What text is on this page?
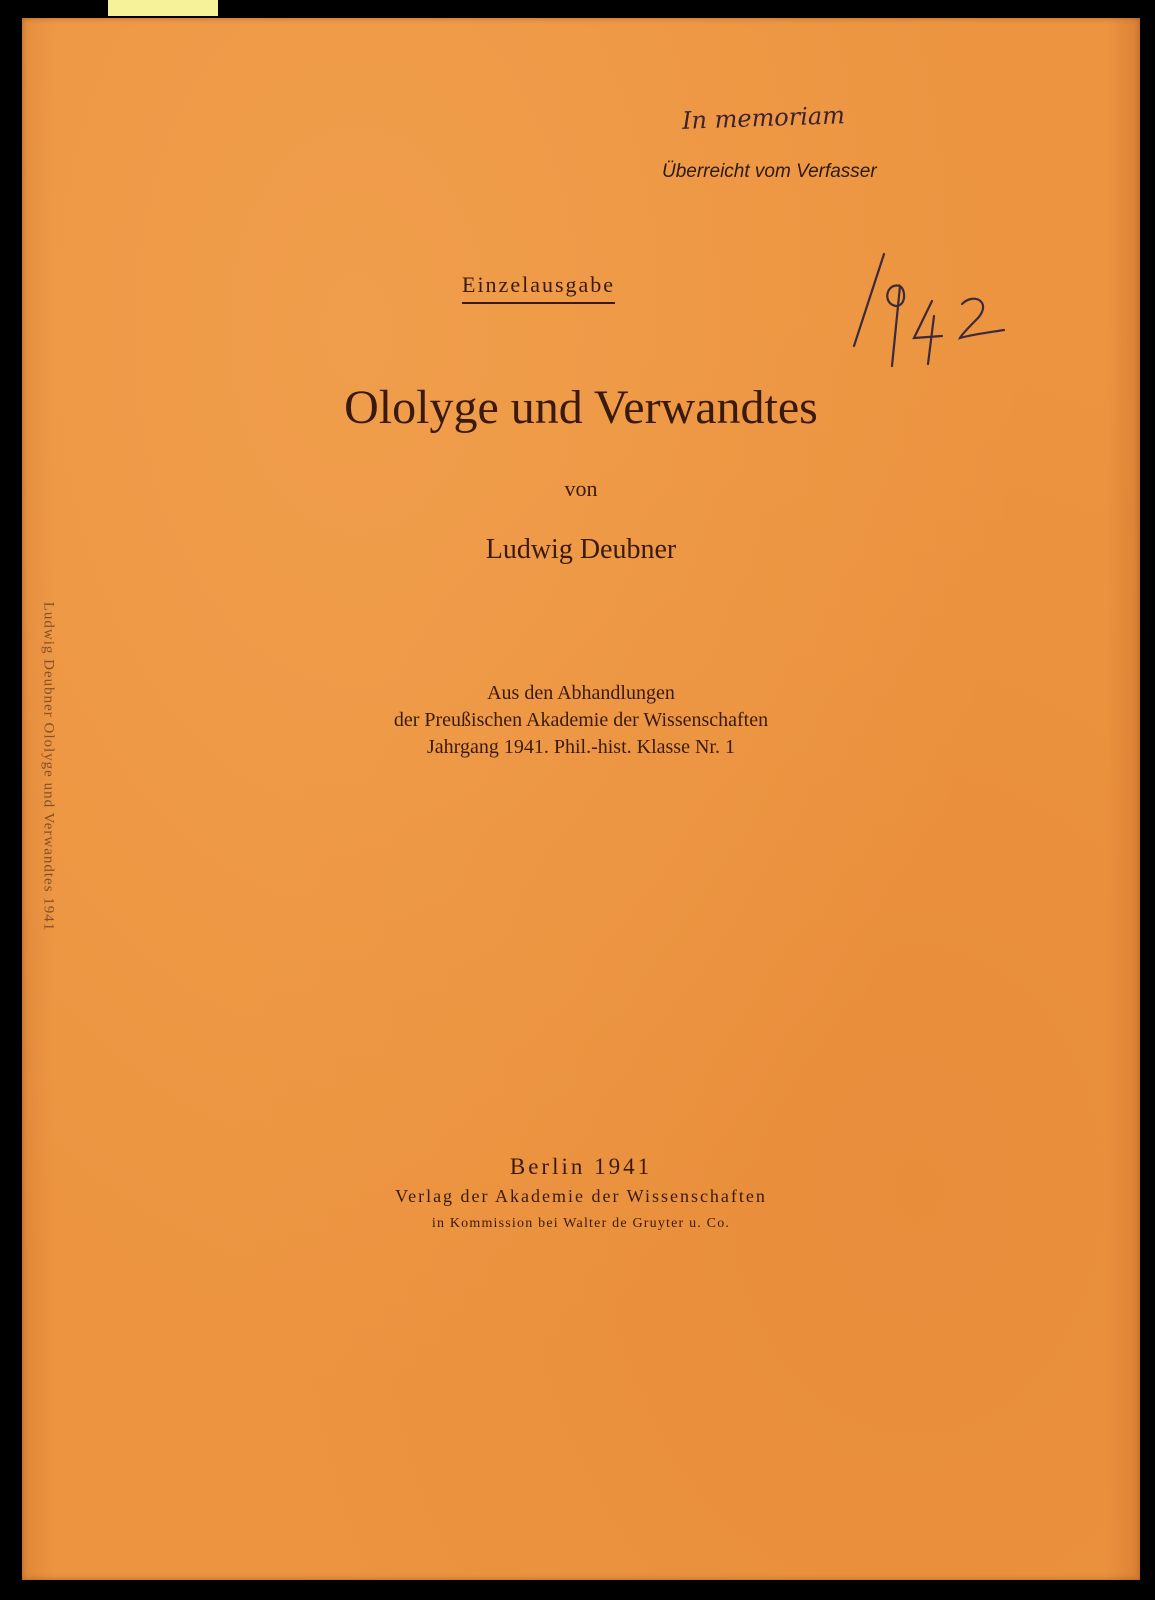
Ludwig Deubner Ololyge und Verwandtes 1941
In memoriam
Überreicht vom Verfasser
Einzelausgabe
Ololyge und Verwandtes
von
Ludwig Deubner
Aus den Abhandlungen
der Preußischen Akademie der Wissenschaften
Jahrgang 1941. Phil.-hist. Klasse Nr. 1
Berlin 1941
Verlag der Akademie der Wissenschaften
in Kommission bei Walter de Gruyter u. Co.
